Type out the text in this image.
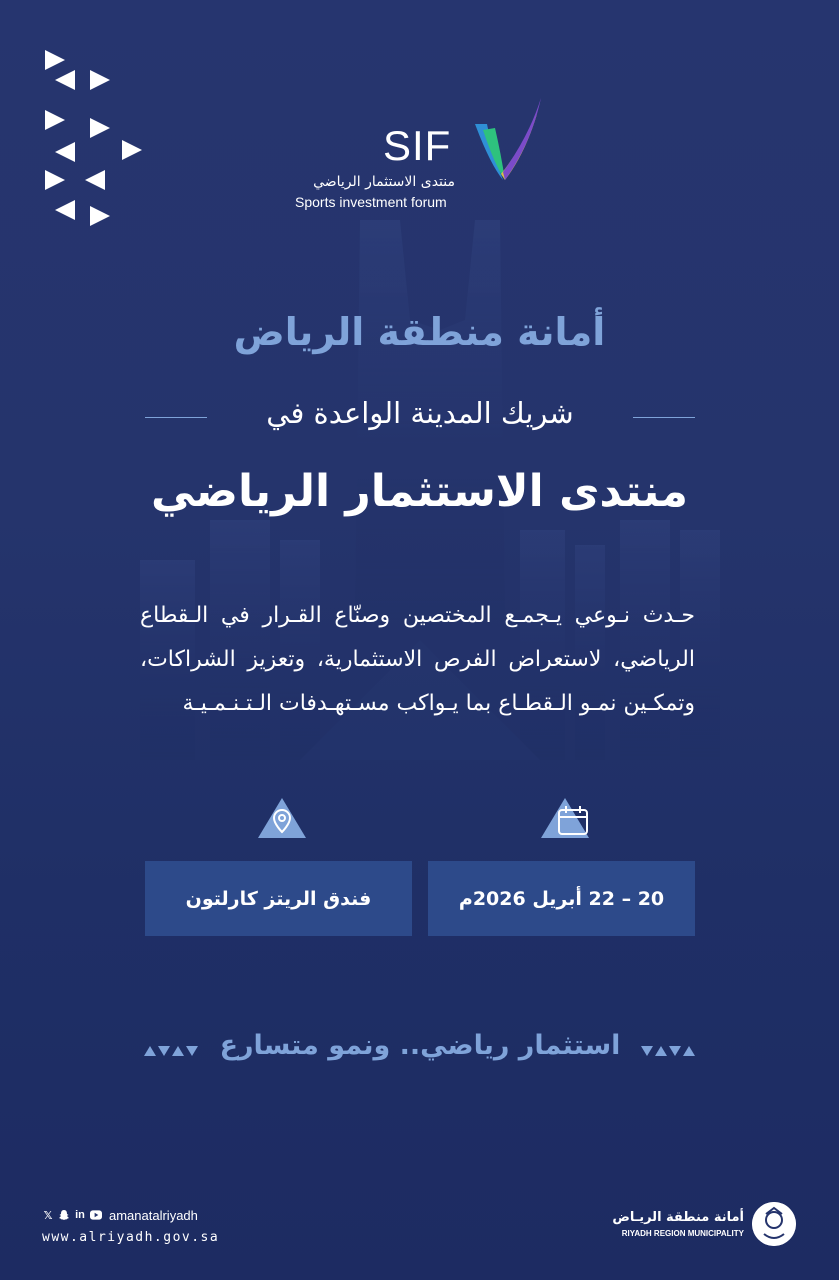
SIF
منتدى الاستثمار الرياضي
Sports investment forum
أمانة منطقة الرياض
شريك المدينة الواعدة في
منتدى الاستثمار الرياضي
حـدث نـوعي يـجمـع المختصين وصنّاع القـرار في الـقطاع الرياضي، لاستعراض الفرص الاستثمارية، وتعزيز الشراكات، وتمكـين نمـو الـقطـاع بما يـواكب مسـتهـدفات الـتـنـمـيـة
فندق الريتز كارلتون	20 – 22 أبريل 2026م
استثمار رياضي.. ونمو متسارع
𝕏 in amanatalriyadh
www.alriyadh.gov.sa
أمانة منطقة الريـاض
RIYADH REGION MUNICIPALITY
